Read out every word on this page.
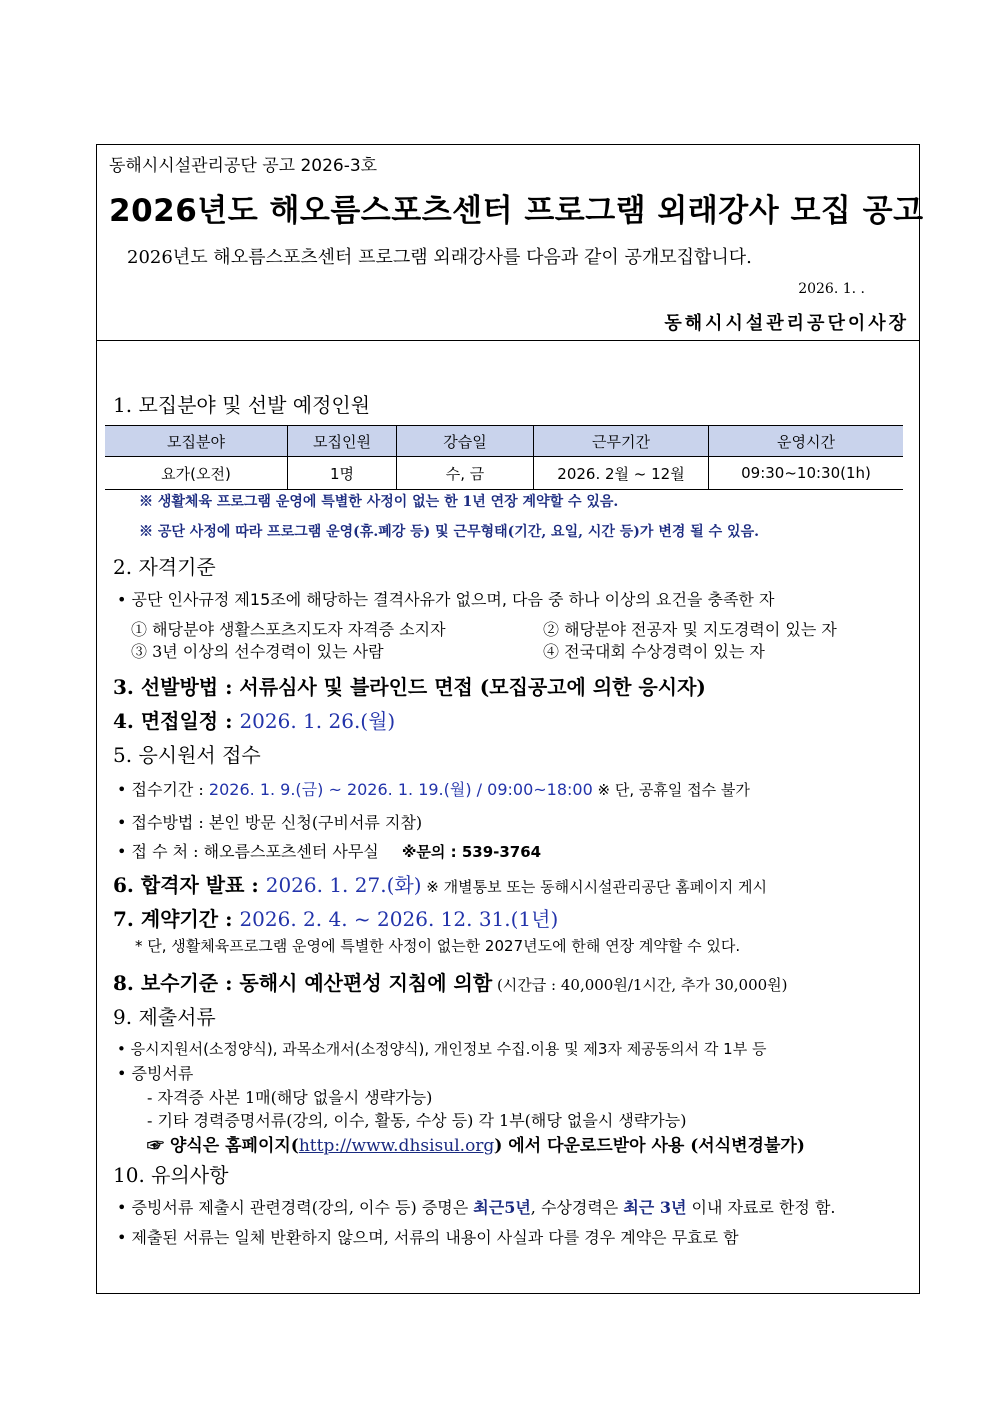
동해시시설관리공단 공고 2026-3호
2026년도 해오름스포츠센터 프로그램 외래강사 모집 공고
2026년도 해오름스포츠센터 프로그램 외래강사를 다음과 같이 공개모집합니다.
2026. 1. .
동해시시설관리공단이사장
1. 모집분야 및 선발 예정인원
모집분야	모집인원	강습일	근무기간	운영시간
요가(오전)	1명	수, 금	2026. 2월 ~ 12월	09:30~10:30(1h)
※ 생활체육 프로그램 운영에 특별한 사정이 없는 한 1년 연장 계약할 수 있음.
※ 공단 사정에 따라 프로그램 운영(휴.폐강 등) 및 근무형태(기간, 요일, 시간 등)가 변경 될 수 있음.
2. 자격기준
• 공단 인사규정 제15조에 해당하는 결격사유가 없으며, 다음 중 하나 이상의 요건을 충족한 자
① 해당분야 생활스포츠지도자 자격증 소지자	② 해당분야 전공자 및 지도경력이 있는 자
③ 3년 이상의 선수경력이 있는 사람	④ 전국대회 수상경력이 있는 자
3. 선발방법 : 서류심사 및 블라인드 면접 (모집공고에 의한 응시자)
4. 면접일정 : 2026. 1. 26.(월)
5. 응시원서 접수
• 접수기간 : 2026. 1. 9.(금) ~ 2026. 1. 19.(월) / 09:00~18:00 ※ 단, 공휴일 접수 불가
• 접수방법 : 본인 방문 신청(구비서류 지참)
• 접 수 처 : 해오름스포츠센터 사무실 ※문의 : 539-3764
6. 합격자 발표 : 2026. 1. 27.(화) ※ 개별통보 또는 동해시시설관리공단 홈페이지 게시
7. 계약기간 : 2026. 2. 4. ~ 2026. 12. 31.(1년)
* 단, 생활체육프로그램 운영에 특별한 사정이 없는한 2027년도에 한해 연장 계약할 수 있다.
8. 보수기준 : 동해시 예산편성 지침에 의함 (시간급 : 40,000원/1시간, 추가 30,000원)
9. 제출서류
• 응시지원서(소정양식), 과목소개서(소정양식), 개인정보 수집.이용 및 제3자 제공동의서 각 1부 등
• 증빙서류
- 자격증 사본 1매(해당 없을시 생략가능)
- 기타 경력증명서류(강의, 이수, 활동, 수상 등) 각 1부(해당 없을시 생략가능)
☞ 양식은 홈페이지(http://www.dhsisul.org) 에서 다운로드받아 사용 (서식변경불가)
10. 유의사항
• 증빙서류 제출시 관련경력(강의, 이수 등) 증명은 최근5년, 수상경력은 최근 3년 이내 자료로 한정 함.
• 제출된 서류는 일체 반환하지 않으며, 서류의 내용이 사실과 다를 경우 계약은 무효로 함
